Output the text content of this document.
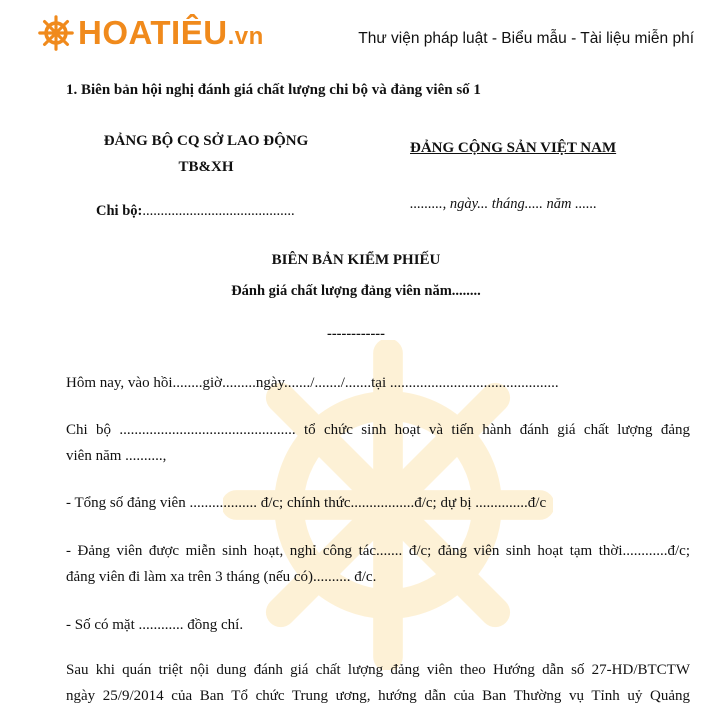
HOATIÊU.vn	Thư viện pháp luật - Biểu mẫu - Tài liệu miễn phí
1. Biên bản hội nghị đánh giá chất lượng chi bộ và đảng viên số 1
ĐẢNG BỘ CQ SỞ LAO ĐỘNG
TB&XH
ĐẢNG CỘNG SẢN VIỆT NAM
Chi bộ:..........................................	........., ngày... tháng..... năm ......
BIÊN BẢN KIỂM PHIẾU
Đánh giá chất lượng đảng viên năm........
------------
Hôm nay, vào hồi........giờ.........ngày......./......./.......tại .............................................
Chi bộ ............................................... tổ chức sinh hoạt và tiến hành đánh giá chất lượng đảng
viên năm ..........,
- Tổng số đảng viên .................. đ/c; chính thức.................đ/c; dự bị ..............đ/c
- Đảng viên được miễn sinh hoạt, nghỉ công tác....... đ/c; đảng viên sinh hoạt tạm thời............đ/c;
đảng viên đi làm xa trên 3 tháng (nếu có).......... đ/c.
- Số có mặt ............ đồng chí.
Sau khi quán triệt nội dung đánh giá chất lượng đảng viên theo Hướng dẫn số 27-HD/BTCTW
ngày 25/9/2014 của Ban Tổ chức Trung ương, hướng dẫn của Ban Thường vụ Tỉnh uỷ Quảng
